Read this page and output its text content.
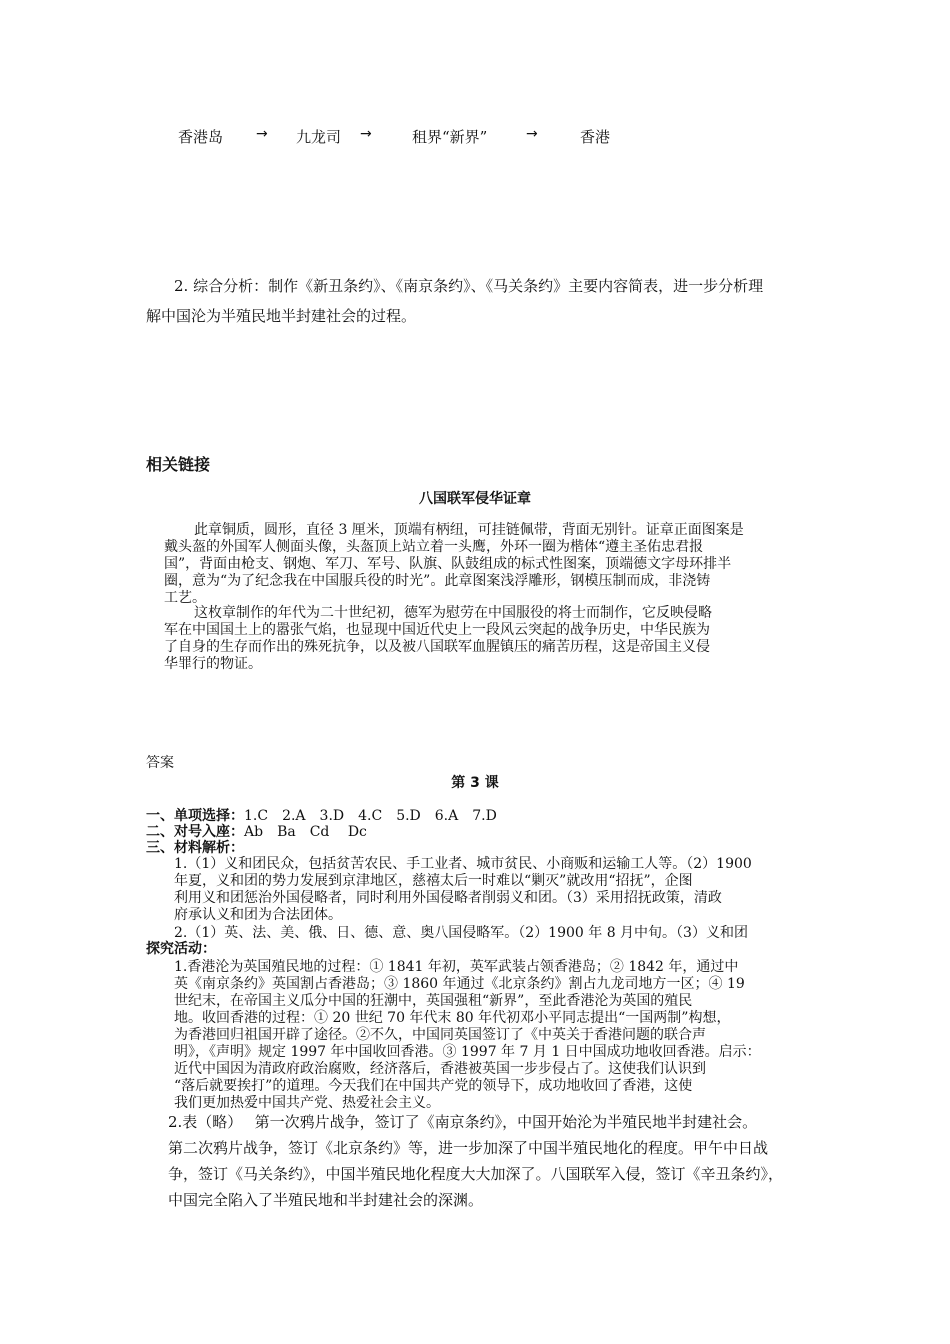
香港岛 → 九龙司 →	租界“新界”	→	香港
2. 综合分析：制作《新丑条约》、《南京条约》、《马关条约》主要内容简表，进一步分析理
解中国沦为半殖民地半封建社会的过程。
相关链接
八国联军侵华证章
此章铜质，圆形，直径 3 厘米，顶端有柄纽，可挂链佩带，背面无别针。证章正面图案是
戴头盔的外国军人侧面头像，头盔顶上站立着一头鹰，外环一圈为楷体“遵主圣佑忠君报
国”，背面由枪支、钢炮、军刀、军号、队旗、队鼓组成的标式性图案，顶端德文字母环排半
圈，意为“为了纪念我在中国服兵役的时光”。此章图案浅浮雕形，钢模压制而成，非浇铸
工艺。
这枚章制作的年代为二十世纪初，德军为慰劳在中国服役的将士而制作，它反映侵略
军在中国国土上的嚣张气焰，也显现中国近代史上一段风云突起的战争历史，中华民族为
了自身的生存而作出的殊死抗争，以及被八国联军血腥镇压的痛苦历程，这是帝国主义侵
华罪行的物证。
答案
第 3 课
一、单项选择：1.C　2.A　3.D　4.C　5.D　6.A　7.D
二、对号入座：Ab　Ba　Cd　 Dc
三、材料解析：
1.（1）义和团民众，包括贫苦农民、手工业者、城市贫民、小商贩和运输工人等。（2）1900
年夏，义和团的势力发展到京津地区，慈禧太后一时难以“剿灭”就改用“招抚”，企图
利用义和团惩治外国侵略者，同时利用外国侵略者削弱义和团。（3）采用招抚政策，清政
府承认义和团为合法团体。
2.（1）英、法、美、俄、日、德、意、奥八国侵略军。（2）1900 年 8 月中旬。（3）义和团
探究活动：
1.香港沦为英国殖民地的过程：① 1841 年初，英军武装占领香港岛；② 1842 年，通过中
英《南京条约》英国割占香港岛；③ 1860 年通过《北京条约》割占九龙司地方一区；④ 19
世纪末，在帝国主义瓜分中国的狂潮中，英国强租“新界”，至此香港沦为英国的殖民
地。收回香港的过程：① 20 世纪 70 年代末 80 年代初邓小平同志提出“一国两制”构想，
为香港回归祖国开辟了途径。②不久，中国同英国签订了《中英关于香港问题的联合声
明》，《声明》规定 1997 年中国收回香港。③ 1997 年 7 月 1 日中国成功地收回香港。启示：
近代中国因为清政府政治腐败，经济落后，香港被英国一步步侵占了。这使我们认识到
“落后就要挨打”的道理。今天我们在中国共产党的领导下，成功地收回了香港，这使
我们更加热爱中国共产党、热爱社会主义。
2.表（略）　 第一次鸦片战争，签订了《南京条约》，中国开始沦为半殖民地半封建社会。
第二次鸦片战争，签订《北京条约》等，进一步加深了中国半殖民地化的程度。甲午中日战
争，签订《马关条约》，中国半殖民地化程度大大加深了。八国联军入侵，签订《辛丑条约》，
中国完全陷入了半殖民地和半封建社会的深渊。
